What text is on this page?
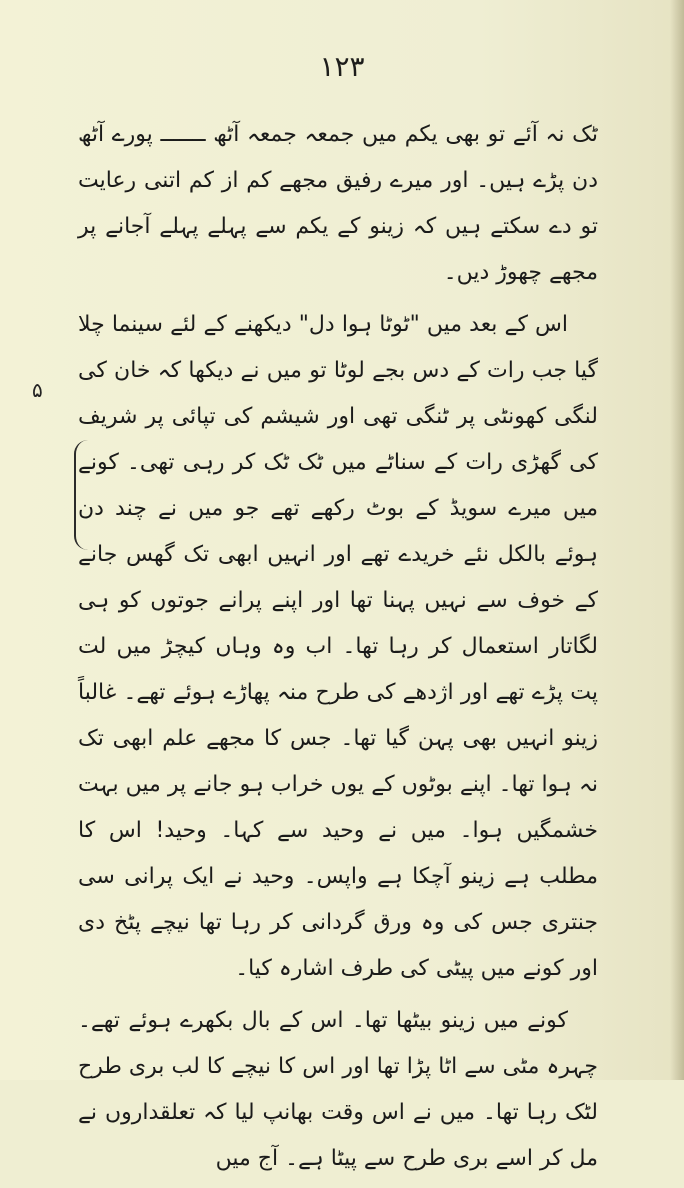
۱۲۳
۵

ٹک نہ آئے تو بھی یکم میں جمعہ جمعہ آٹھ ـــــــ پورے آٹھ دن پڑے ہیں۔ اور میرے رفیق مجھے کم از کم اتنی رعایت تو دے سکتے ہیں کہ زینو کے یکم سے پہلے پہلے آجانے پر مجھے چھوڑ دیں۔

اس کے بعد میں "ٹوٹا ہوا دل" دیکھنے کے لئے سینما چلا گیا جب رات کے دس بجے لوٹا تو میں نے دیکھا کہ خان کی لنگی کھونٹی پر ٹنگی تھی اور شیشم کی تپائی پر شریف کی گھڑی رات کے سناٹے میں ٹک ٹک کر رہی تھی۔ کونے میں میرے سویڈ کے بوٹ رکھے تھے جو میں نے چند دن ہوئے بالکل نئے خریدے تھے اور انہیں ابھی تک گھس جانے کے خوف سے نہیں پہنا تھا اور اپنے پرانے جوتوں کو ہی لگاتار استعمال کر رہا تھا۔ اب وہ وہاں کیچڑ میں لت پت پڑے تھے اور اژدھے کی طرح منہ پھاڑے ہوئے تھے۔ غالباً زینو انہیں بھی پہن گیا تھا۔ جس کا مجھے علم ابھی تک نہ ہوا تھا۔ اپنے بوٹوں کے یوں خراب ہو جانے پر میں بہت خشمگیں ہوا۔ میں نے وحید سے کہا۔ وحید! اس کا مطلب ہے زینو آچکا ہے واپس۔ وحید نے ایک پرانی سی جنتری جس کی وہ ورق گردانی کر رہا تھا نیچے پٹخ دی اور کونے میں پیٹی کی طرف اشارہ کیا۔

کونے میں زینو بیٹھا تھا۔ اس کے بال بکھرے ہوئے تھے۔ چہرہ مٹی سے اٹا پڑا تھا اور اس کا نیچے کا لب بری طرح لٹک رہا تھا۔ میں نے اس وقت بھانپ لیا کہ تعلقداروں نے مل کر اسے بری طرح سے پیٹا ہے۔ آج میں
